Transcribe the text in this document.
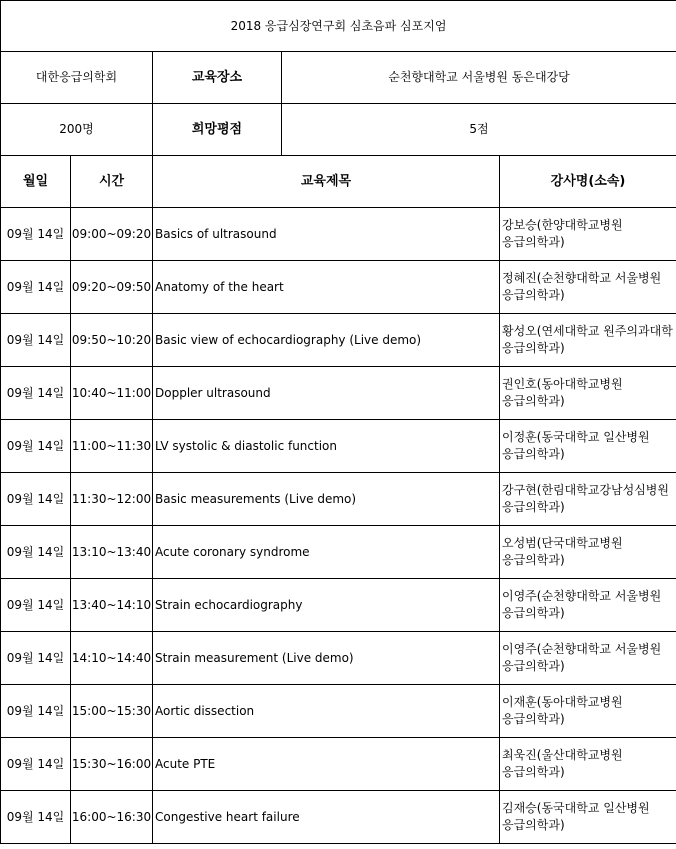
2018 응급심장연구회 심초음파 심포지엄				
대한응급의학회		교육장소	순천향대학교 서울병원 동은대강당	
200명		희망평점	5점	
월일	시간	교육제목		강사명(소속)
09월 14일	09:00~09:20	Basics of ultrasound		강보승(한양대학교병원 응급의학과)
09월 14일	09:20~09:50	Anatomy of the heart		정혜진(순천향대학교 서울병원 응급의학과)
09월 14일	09:50~10:20	Basic view of echocardiography (Live demo)		황성오(연세대학교 원주의과대학 응급의학과)
09월 14일	10:40~11:00	Doppler ultrasound		권인호(동아대학교병원 응급의학과)
09월 14일	11:00~11:30	LV systolic & diastolic function		이정훈(동국대학교 일산병원 응급의학과)
09월 14일	11:30~12:00	Basic measurements (Live demo)		강구현(한림대학교강남성심병원 응급의학과)
09월 14일	13:10~13:40	Acute coronary syndrome		오성범(단국대학교병원 응급의학과)
09월 14일	13:40~14:10	Strain echocardiography		이영주(순천향대학교 서울병원 응급의학과)
09월 14일	14:10~14:40	Strain measurement (Live demo)		이영주(순천향대학교 서울병원 응급의학과)
09월 14일	15:00~15:30	Aortic dissection		이재훈(동아대학교병원 응급의학과)
09월 14일	15:30~16:00	Acute PTE		최욱진(울산대학교병원 응급의학과)
09월 14일	16:00~16:30	Congestive heart failure		김재승(동국대학교 일산병원 응급의학과)
